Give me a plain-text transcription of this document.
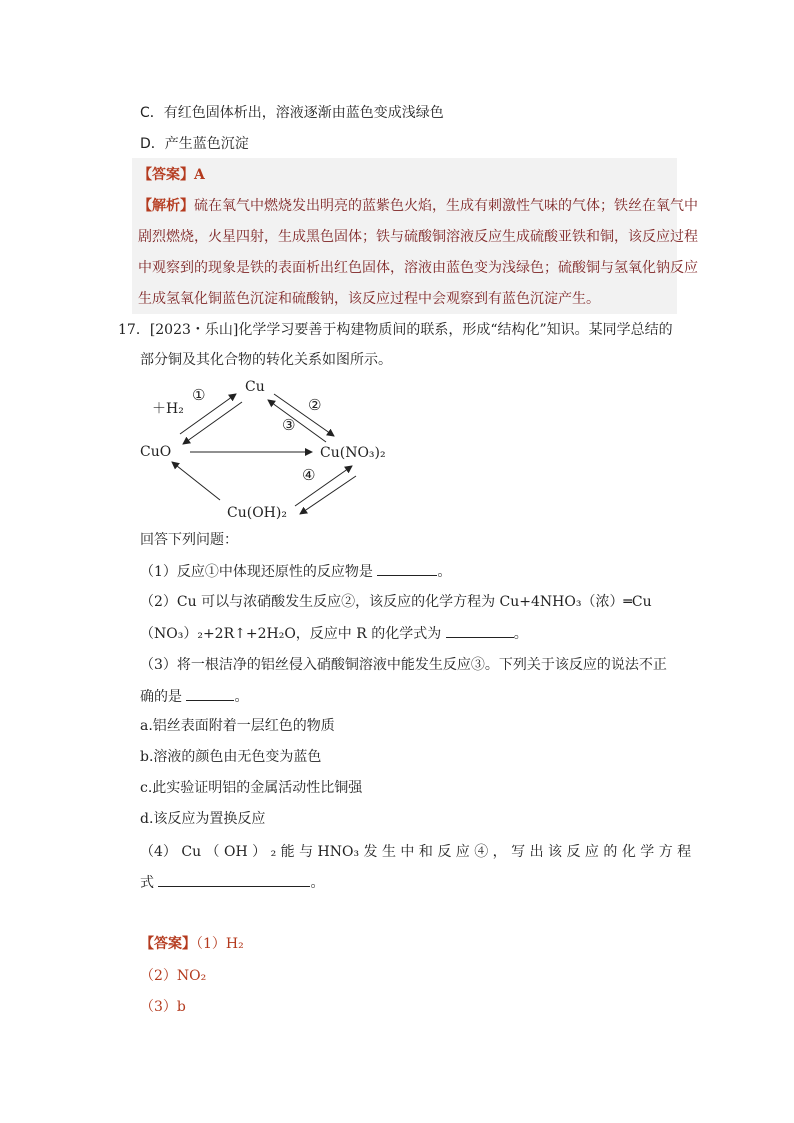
C．有红色固体析出，溶液逐渐由蓝色变成浅绿色
D．产生蓝色沉淀
【答案】A
【解析】硫在氧气中燃烧发出明亮的蓝紫色火焰，生成有刺激性气味的气体；铁丝在氧气中
剧烈燃烧，火星四射，生成黑色固体；铁与硫酸铜溶液反应生成硫酸亚铁和铜，该反应过程
中观察到的现象是铁的表面析出红色固体，溶液由蓝色变为浅绿色；硫酸铜与氢氧化钠反应
生成氢氧化铜蓝色沉淀和硫酸钠，该反应过程中会观察到有蓝色沉淀产生。
17．[2023・乐山]化学学习要善于构建物质间的联系，形成“结构化”知识。某同学总结的
部分铜及其化合物的转化关系如图所示。
Cu
CuO	Cu(NO₃)₂
Cu(OH)₂
＋H₂
①
②
③
④
回答下列问题：
（1）反应①中体现还原性的反应物是	。
（2）Cu 可以与浓硝酸发生反应②，该反应的化学方程为 Cu+4NHO₃（浓）═Cu
（NO₃）₂+2R↑+2H₂O，反应中 R 的化学式为	。
（3）将一根洁净的铝丝侵入硝酸铜溶液中能发生反应③。下列关于该反应的说法不正
确的是	。
a.铝丝表面附着一层红色的物质
b.溶液的颜色由无色变为蓝色
c.此实验证明铝的金属活动性比铜强
d.该反应为置换反应
（4） Cu （ OH ） ₂ 能 与 HNO₃ 发 生 中 和 反 应 ④ ， 写 出 该 反 应 的 化 学 方 程
式	。
【答案】（1）H₂
（2）NO₂
（3）b
